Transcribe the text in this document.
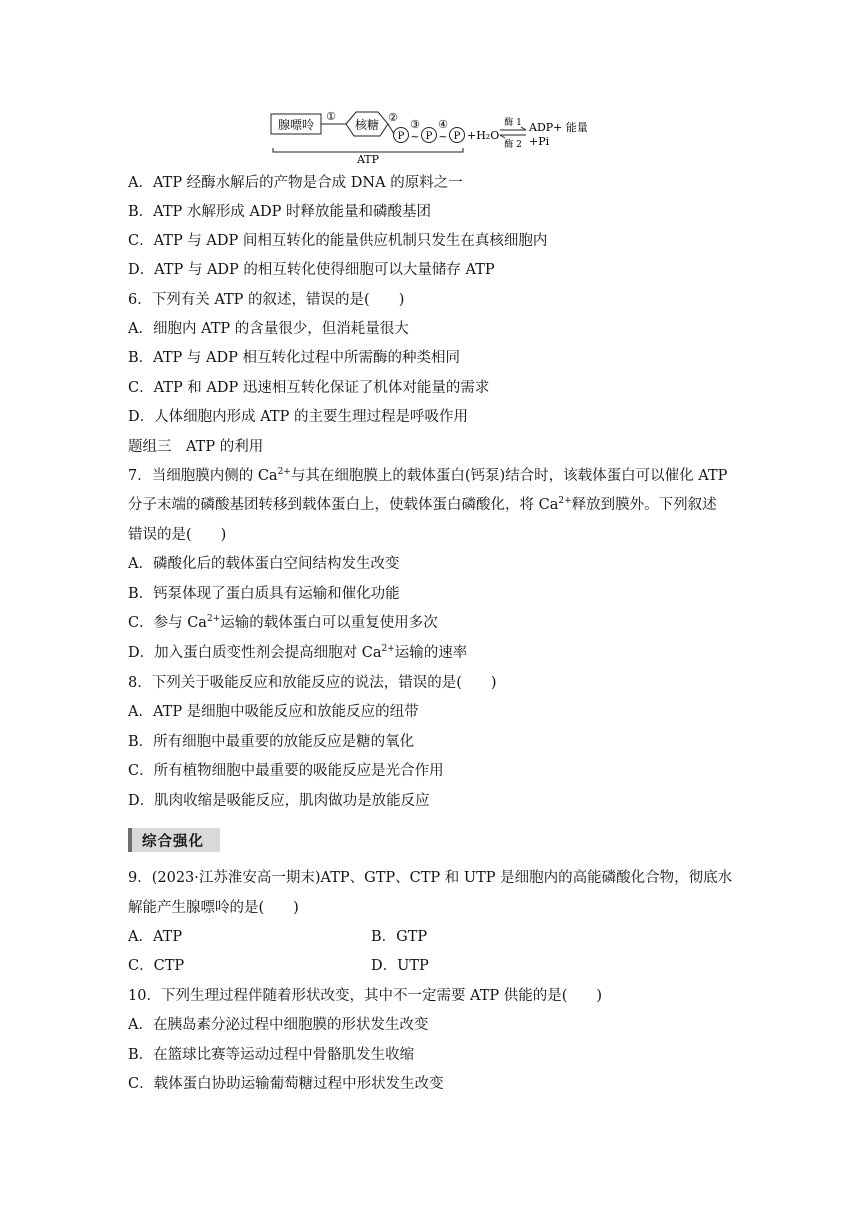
腺嘌呤
①
核糖
②
P
③
~ P
④
~ P +H₂O
酶 1
酶 2
ADP+ 能量
+Pi
ATP
A．ATP 经酶水解后的产物是合成 DNA 的原料之一
B．ATP 水解形成 ADP 时释放能量和磷酸基团
C．ATP 与 ADP 间相互转化的能量供应机制只发生在真核细胞内
D．ATP 与 ADP 的相互转化使得细胞可以大量储存 ATP
6．下列有关 ATP 的叙述，错误的是(　　)
A．细胞内 ATP 的含量很少，但消耗量很大
B．ATP 与 ADP 相互转化过程中所需酶的种类相同
C．ATP 和 ADP 迅速相互转化保证了机体对能量的需求
D．人体细胞内形成 ATP 的主要生理过程是呼吸作用
题组三　ATP 的利用
7．当细胞膜内侧的 $Ca^{2+}$与其在细胞膜上的载体蛋白(钙泵)结合时，该载体蛋白可以催化 ATP
分子末端的磷酸基团转移到载体蛋白上，使载体蛋白磷酸化，将 $Ca^{2+}$释放到膜外。下列叙述
错误的是(　　)
A．磷酸化后的载体蛋白空间结构发生改变
B．钙泵体现了蛋白质具有运输和催化功能
C．参与 $Ca^{2+}$运输的载体蛋白可以重复使用多次
D．加入蛋白质变性剂会提高细胞对 $Ca^{2+}$运输的速率
8．下列关于吸能反应和放能反应的说法，错误的是(　　)
A．ATP 是细胞中吸能反应和放能反应的纽带
B．所有细胞中最重要的放能反应是糖的氧化
C．所有植物细胞中最重要的吸能反应是光合作用
D．肌肉收缩是吸能反应，肌肉做功是放能反应
综合强化
9．(2023·江苏淮安高一期末)ATP、GTP、CTP 和 UTP 是细胞内的高能磷酸化合物，彻底水
解能产生腺嘌呤的是(　　)
A．ATP	B．GTP
C．CTP	D．UTP
10．下列生理过程伴随着形状改变，其中不一定需要 ATP 供能的是(　　)
A．在胰岛素分泌过程中细胞膜的形状发生改变
B．在篮球比赛等运动过程中骨骼肌发生收缩
C．载体蛋白协助运输葡萄糖过程中形状发生改变
